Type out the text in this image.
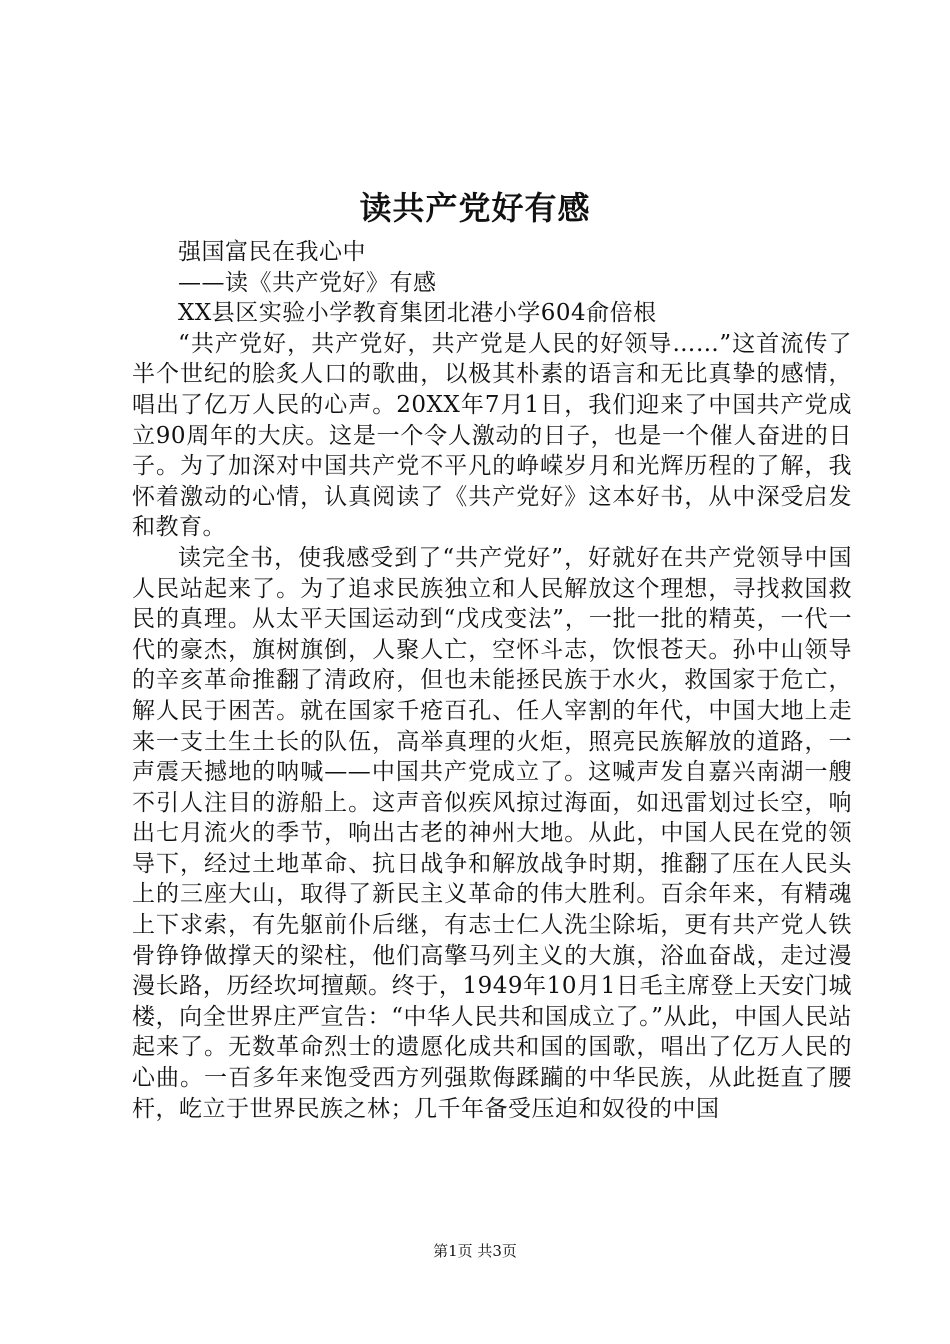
读共产党好有感

强国富民在我心中

——读《共产党好》有感

XX县区实验小学教育集团北港小学604俞倍根

“共产党好，共产党好，共产党是人民的好领导……”这首流传了半个世纪的脍炙人口的歌曲，以极其朴素的语言和无比真挚的感情，唱出了亿万人民的心声。20XX年7月1日，我们迎来了中国共产党成立90周年的大庆。这是一个令人激动的日子，也是一个催人奋进的日子。为了加深对中国共产党不平凡的峥嵘岁月和光辉历程的了解，我怀着激动的心情，认真阅读了《共产党好》这本好书，从中深受启发和教育。

读完全书，使我感受到了“共产党好”，好就好在共产党领导中国人民站起来了。为了追求民族独立和人民解放这个理想，寻找救国救民的真理。从太平天国运动到“戊戌变法”，一批一批的精英，一代一代的豪杰，旗树旗倒，人聚人亡，空怀斗志，饮恨苍天。孙中山领导的辛亥革命推翻了清政府，但也未能拯民族于水火，救国家于危亡，解人民于困苦。就在国家千疮百孔、任人宰割的年代，中国大地上走来一支土生土长的队伍，高举真理的火炬，照亮民族解放的道路，一声震天撼地的呐喊——中国共产党成立了。这喊声发自嘉兴南湖一艘不引人注目的游船上。这声音似疾风掠过海面，如迅雷划过长空，响出七月流火的季节，响出古老的神州大地。从此，中国人民在党的领导下，经过土地革命、抗日战争和解放战争时期，推翻了压在人民头上的三座大山，取得了新民主义革命的伟大胜利。百余年来，有精魂上下求索，有先躯前仆后继，有志士仁人洗尘除垢，更有共产党人铁骨铮铮做撑天的梁柱，他们高擎马列主义的大旗，浴血奋战，走过漫漫长路，历经坎坷擅颠。终于，1949年10月1日毛主席登上天安门城楼，向全世界庄严宣告：“中华人民共和国成立了。”从此，中国人民站起来了。无数革命烈士的遗愿化成共和国的国歌，唱出了亿万人民的心曲。一百多年来饱受西方列强欺侮蹂躏的中华民族，从此挺直了腰杆，屹立于世界民族之林；几千年备受压迫和奴役的中国

第1页 共3页
